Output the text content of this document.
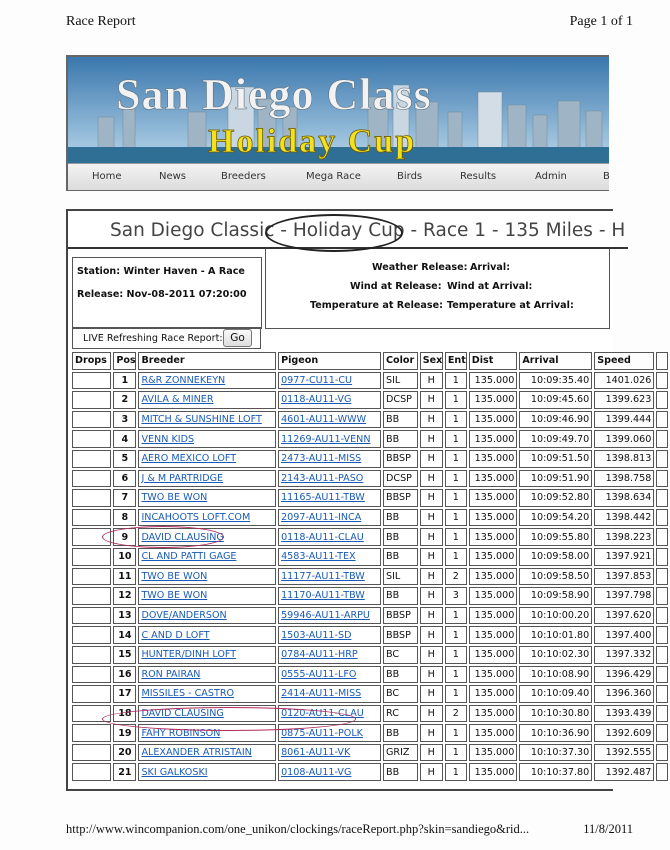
Race Report	Page 1 of 1
San Diego Class
Holiday Cup
Home	News	Breeders	Mega Race	Birds	Results	Admin	B
San Diego Classic - Holiday Cup - Race 1 - 135 Miles - H
Station: Winter Haven - A Race
Release: Nov-08-2011 07:20:00
Weather Release: Arrival:
Wind at Release: Wind at Arrival:
Temperature at Release: Temperature at Arrival:
LIVE Refreshing Race Report: Go
Drops	Pos	Breeder	Pigeon	Color	Sex	Ent	Dist	Arrival	Speed	
	1	R&R ZONNEKEYN	0977-CU11-CU	SIL	H	1	135.000	10:09:35.40	1401.026	
	2	AVILA & MINER	0118-AU11-VG	DCSP	H	1	135.000	10:09:45.60	1399.623	
	3	MITCH & SUNSHINE LOFT	4601-AU11-WWW	BB	H	1	135.000	10:09:46.90	1399.444	
	4	VENN KIDS	11269-AU11-VENN	BB	H	1	135.000	10:09:49.70	1399.060	
	5	AERO MEXICO LOFT	2473-AU11-MISS	BBSP	H	1	135.000	10:09:51.50	1398.813	
	6	J & M PARTRIDGE	2143-AU11-PASO	DCSP	H	1	135.000	10:09:51.90	1398.758	
	7	TWO BE WON	11165-AU11-TBW	BBSP	H	1	135.000	10:09:52.80	1398.634	
	8	INCAHOOTS LOFT.COM	2097-AU11-INCA	BB	H	1	135.000	10:09:54.20	1398.442	
	9	DAVID CLAUSING	0118-AU11-CLAU	BB	H	1	135.000	10:09:55.80	1398.223	
	10	CL AND PATTI GAGE	4583-AU11-TEX	BB	H	1	135.000	10:09:58.00	1397.921	
	11	TWO BE WON	11177-AU11-TBW	SIL	H	2	135.000	10:09:58.50	1397.853	
	12	TWO BE WON	11170-AU11-TBW	BB	H	3	135.000	10:09:58.90	1397.798	
	13	DOVE/ANDERSON	59946-AU11-ARPU	BBSP	H	1	135.000	10:10:00.20	1397.620	
	14	C AND D LOFT	1503-AU11-SD	BBSP	H	1	135.000	10:10:01.80	1397.400	
	15	HUNTER/DINH LOFT	0784-AU11-HRP	BC	H	1	135.000	10:10:02.30	1397.332	
	16	RON PAIRAN	0555-AU11-LFO	BB	H	1	135.000	10:10:08.90	1396.429	
	17	MISSILES - CASTRO	2414-AU11-MISS	BC	H	1	135.000	10:10:09.40	1396.360	
	18	DAVID CLAUSING	0120-AU11-CLAU	RC	H	2	135.000	10:10:30.80	1393.439	
	19	FAHY ROBINSON	0875-AU11-POLK	BB	H	1	135.000	10:10:36.90	1392.609	
	20	ALEXANDER ATRISTAIN	8061-AU11-VK	GRIZ	H	1	135.000	10:10:37.30	1392.555	
	21	SKI GALKOSKI	0108-AU11-VG	BB	H	1	135.000	10:10:37.80	1392.487	
http://www.wincompanion.com/one_unikon/clockings/raceReport.php?skin=sandiego&rid...	11/8/2011
